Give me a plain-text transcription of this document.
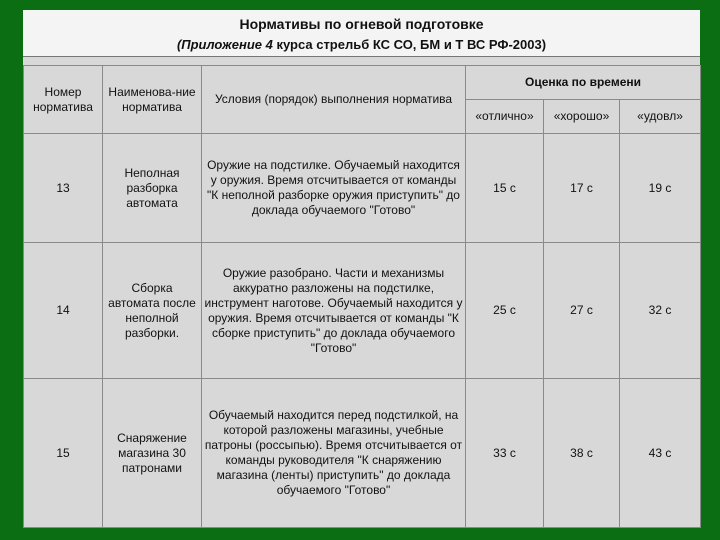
Нормативы по огневой подготовке
(Приложение 4 курса стрельб КС СО, БМ и Т ВС РФ-2003)
Номер норматива	Наименова-ние норматива	Условия (порядок) выполнения норматива	Оценка по времени		
			«отлично»	«хорошо»	«удовл»
13	Неполная разборка автомата	Оружие на подстилке. Обучаемый находится у оружия. Время отсчитывается от команды "К неполной разборке оружия приступить" до доклада обучаемого "Готово"	15 с	17 с	19 с
14	Сборка автомата после неполной разборки.	Оружие разобрано. Части и механизмы аккуратно разложены на подстилке, инструмент наготове. Обучаемый находится у оружия. Время отсчитывается от команды "К сборке приступить" до доклада обучаемого "Готово"	25 с	27 с	32 с
15	Снаряжение магазина 30 патронами	Обучаемый находится перед подстилкой, на которой разложены магазины, учебные патроны (россыпью). Время отсчитывается от команды руководителя "К снаряжению магазина (ленты) приступить" до доклада обучаемого "Готово"	33 с	38 с	43 с
